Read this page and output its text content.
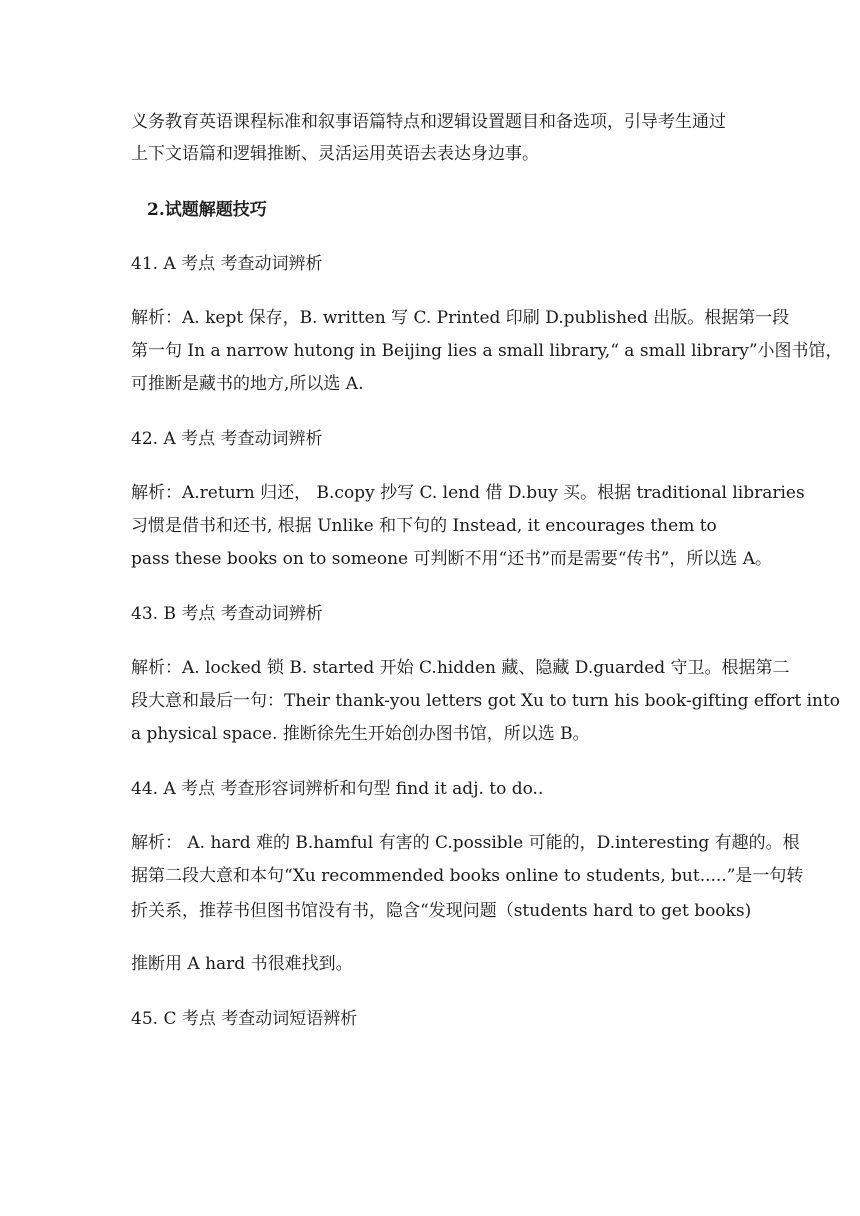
义务教育英语课程标准和叙事语篇特点和逻辑设置题目和备选项，引导考生通过
上下文语篇和逻辑推断、灵活运用英语去表达身边事。
2.试题解题技巧
41. A 考点 考查动词辨析
解析：A. kept 保存，B. written 写 C. Printed 印刷 D.published 出版。根据第一段
第一句 In a narrow hutong in Beijing lies a small library,“ a small library”小图书馆，
可推断是藏书的地方,所以选 A.
42. A 考点 考查动词辨析
解析：A.return 归还， B.copy 抄写 C. lend 借 D.buy 买。根据 traditional libraries
习惯是借书和还书, 根据 Unlike 和下句的 Instead, it encourages them to
pass these books on to someone 可判断不用“还书”而是需要“传书”，所以选 A。
43. B 考点 考查动词辨析
解析：A. locked 锁 B. started 开始 C.hidden 藏、隐藏 D.guarded 守卫。根据第二
段大意和最后一句：Their thank-you letters got Xu to turn his book-gifting effort into
a physical space. 推断徐先生开始创办图书馆，所以选 B。
44. A 考点 考查形容词辨析和句型 find it adj. to do..
解析： A. hard 难的 B.hamful 有害的 C.possible 可能的，D.interesting 有趣的。根
据第二段大意和本句“Xu recommended books online to students, but.....”是一句转
折关系，推荐书但图书馆没有书，隐含“发现问题（students hard to get books)
推断用 A hard 书很难找到。
45. C 考点 考查动词短语辨析
